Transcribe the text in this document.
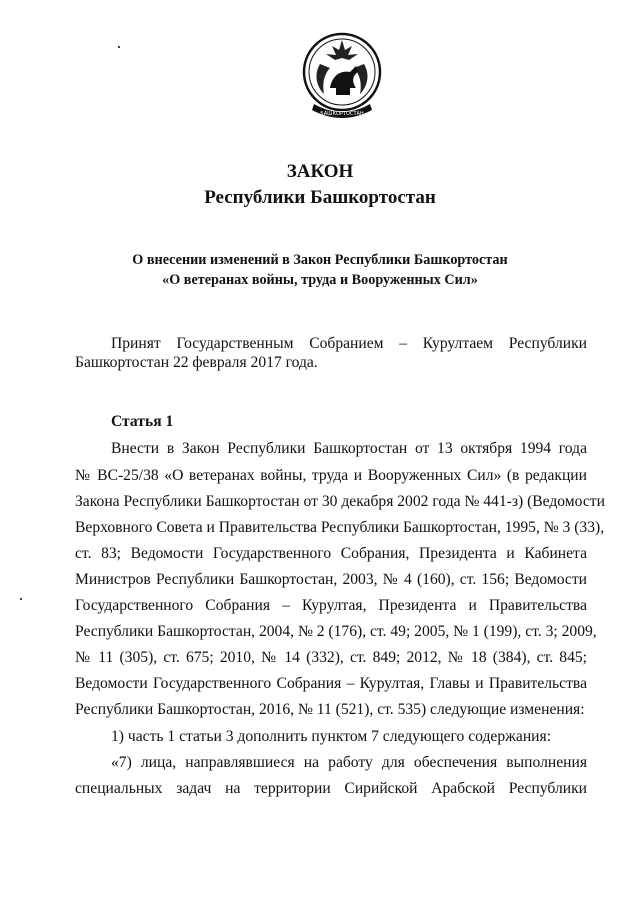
БАШКОРТОСТАН
ЗАКОН
Республики Башкортостан
О внесении изменений в Закон Республики Башкортостан
«О ветеранах войны, труда и Вооруженных Сил»
Принят Государственным Собранием – Курултаем Республики
Башкортостан 22 февраля 2017 года.
Статья 1
Внести в Закон Республики Башкортостан от 13 октября 1994 года
№ ВС-25/38 «О ветеранах войны, труда и Вооруженных Сил» (в редакции
Закона Республики Башкортостан от 30 декабря 2002 года № 441-з) (Ведомости
Верховного Совета и Правительства Республики Башкортостан, 1995, № 3 (33),
ст. 83; Ведомости Государственного Собрания, Президента и Кабинета
Министров Республики Башкортостан, 2003, № 4 (160), ст. 156; Ведомости
Государственного Собрания – Курултая, Президента и Правительства
Республики Башкортостан, 2004, № 2 (176), ст. 49; 2005, № 1 (199), ст. 3; 2009,
№ 11 (305), ст. 675; 2010, № 14 (332), ст. 849; 2012, № 18 (384), ст. 845;
Ведомости Государственного Собрания – Курултая, Главы и Правительства
Республики Башкортостан, 2016, № 11 (521), ст. 535) следующие изменения:
1) часть 1 статьи 3 дополнить пунктом 7 следующего содержания:
«7) лица, направлявшиеся на работу для обеспечения выполнения
специальных задач на территории Сирийской Арабской Республики
